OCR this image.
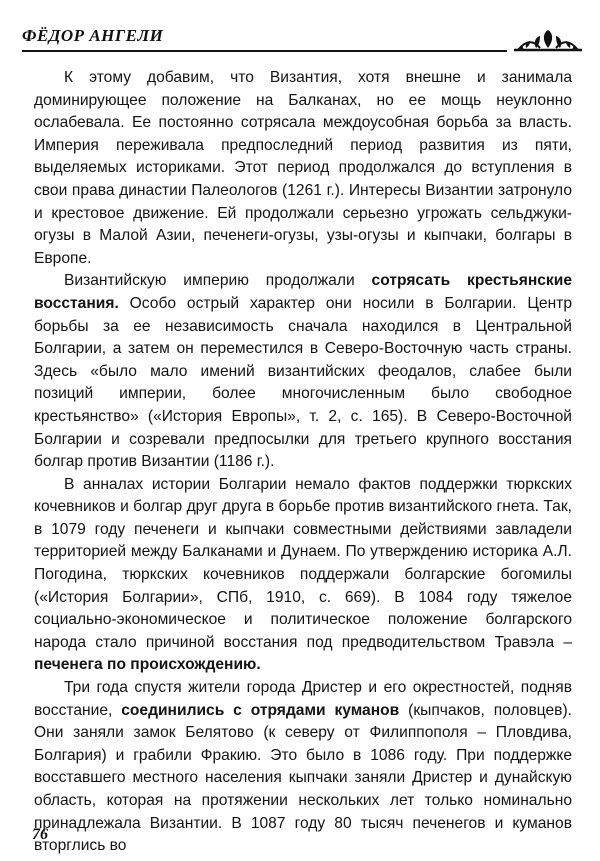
ФЁДОР АНГЕЛИ

К этому добавим, что Византия, хотя внешне и занимала доминирующее положение на Балканах, но ее мощь неуклонно ослабевала. Ее постоянно сотрясала междоусобная борьба за власть. Империя переживала предпоследний период развития из пяти, выделяемых историками. Этот период продолжался до вступления в свои права династии Палеологов (1261 г.). Интересы Византии затронуло и крестовое движение. Ей продолжали серьезно угрожать сельджуки-огузы в Малой Азии, печенеги-огузы, узы-огузы и кыпчаки, болгары в Европе.

Византийскую империю продолжали сотрясать крестьянские восстания. Особо острый характер они носили в Болгарии. Центр борьбы за ее независимость сначала находился в Центральной Болгарии, а затем он переместился в Северо-Восточную часть страны. Здесь «было мало имений византийских феодалов, слабее были позиций империи, более многочисленным было свободное крестьянство» («История Европы», т. 2, с. 165). В Северо-Восточной Болгарии и созревали предпосылки для третьего крупного восстания болгар против Византии (1186 г.).

В анналах истории Болгарии немало фактов поддержки тюркских кочевников и болгар друг друга в борьбе против византийского гнета. Так, в 1079 году печенеги и кыпчаки совместными действиями завладели территорией между Балканами и Дунаем. По утверждению историка А.Л. Погодина, тюркских кочевников поддержали болгарские богомилы («История Болгарии», СПб, 1910, с. 669). В 1084 году тяжелое социально-экономическое и политическое положение болгарского народа стало причиной восстания под предводительством Травэла – печенега по происхождению.

Три года спустя жители города Дристер и его окрестностей, подняв восстание, соединились с отрядами куманов (кыпчаков, половцев). Они заняли замок Белятово (к северу от Филиппополя – Пловдива, Болгария) и грабили Фракию. Это было в 1086 году. При поддержке восставшего местного населения кыпчаки заняли Дристер и дунайскую область, которая на протяжении нескольких лет только номинально принадлежала Византии. В 1087 году 80 тысяч печенегов и куманов вторглись во

76
